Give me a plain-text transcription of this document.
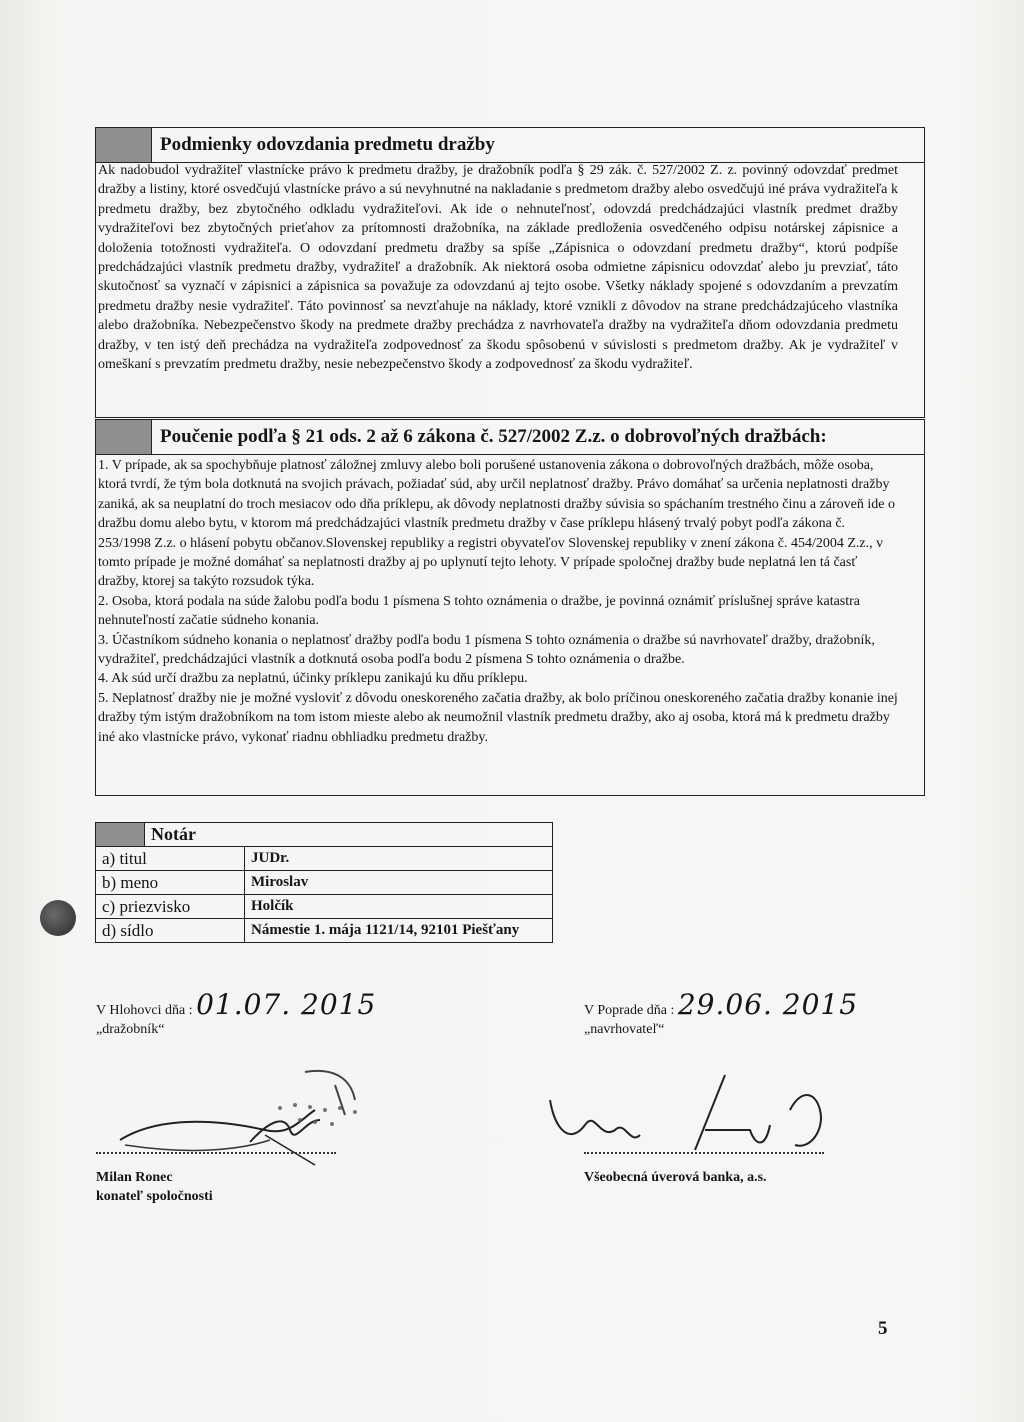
Podmienky odovzdania predmetu dražby

Ak nadobudol vydražiteľ vlastnícke právo k predmetu dražby, je dražobník podľa § 29 zák. č. 527/2002 Z. z. povinný odovzdať predmet dražby a listiny, ktoré osvedčujú vlastnícke právo a sú nevyhnutné na nakladanie s predmetom dražby alebo osvedčujú iné práva vydražiteľa k predmetu dražby, bez zbytočného odkladu vydražiteľovi. Ak ide o nehnuteľnosť, odovzdá predchádzajúci vlastník predmet dražby vydražiteľovi bez zbytočných prieťahov za prítomnosti dražobníka, na základe predloženia osvedčeného odpisu notárskej zápisnice a doloženia totožnosti vydražiteľa. O odovzdaní predmetu dražby sa spíše „Zápisnica o odovzdaní predmetu dražby“, ktorú podpíše predchádzajúci vlastník predmetu dražby, vydražiteľ a dražobník. Ak niektorá osoba odmietne zápisnicu odovzdať alebo ju prevziať, táto skutočnosť sa vyznačí v zápisnici a zápisnica sa považuje za odovzdanú aj tejto osobe. Všetky náklady spojené s odovzdaním a prevzatím predmetu dražby nesie vydražiteľ. Táto povinnosť sa nevzťahuje na náklady, ktoré vznikli z dôvodov na strane predchádzajúceho vlastníka alebo dražobníka. Nebezpečenstvo škody na predmete dražby prechádza z navrhovateľa dražby na vydražiteľa dňom odovzdania predmetu dražby, v ten istý deň prechádza na vydražiteľa zodpovednosť za škodu spôsobenú v súvislosti s predmetom dražby. Ak je vydražiteľ v omeškaní s prevzatím predmetu dražby, nesie nebezpečenstvo škody a zodpovednosť za škodu vydražiteľ.

Poučenie podľa § 21 ods. 2 až 6 zákona č. 527/2002 Z.z. o dobrovoľných dražbách:

1. V prípade, ak sa spochybňuje platnosť záložnej zmluvy alebo boli porušené ustanovenia zákona o dobrovoľných dražbách, môže osoba, ktorá tvrdí, že tým bola dotknutá na svojich právach, požiadať súd, aby určil neplatnosť dražby. Právo domáhať sa určenia neplatnosti dražby zaniká, ak sa neuplatní do troch mesiacov odo dňa príklepu, ak dôvody neplatnosti dražby súvisia so spáchaním trestného činu a zároveň ide o dražbu domu alebo bytu, v ktorom má predchádzajúci vlastník predmetu dražby v čase príklepu hlásený trvalý pobyt podľa zákona č. 253/1998 Z.z. o hlásení pobytu občanov.Slovenskej republiky a registri obyvateľov Slovenskej republiky v znení zákona č. 454/2004 Z.z., v tomto prípade je možné domáhať sa neplatnosti dražby aj po uplynutí tejto lehoty. V prípade spoločnej dražby bude neplatná len tá časť dražby, ktorej sa takýto rozsudok týka.

2. Osoba, ktorá podala na súde žalobu podľa bodu 1 písmena S tohto oznámenia o dražbe, je povinná oznámiť príslušnej správe katastra nehnuteľností začatie súdneho konania.

3. Účastníkom súdneho konania o neplatnosť dražby podľa bodu 1 písmena S tohto oznámenia o dražbe sú navrhovateľ dražby, dražobník, vydražiteľ, predchádzajúci vlastník a dotknutá osoba podľa bodu 2 písmena S tohto oznámenia o dražbe.

4. Ak súd určí dražbu za neplatnú, účinky príklepu zanikajú ku dňu príklepu.

5. Neplatnosť dražby nie je možné vysloviť z dôvodu oneskoreného začatia dražby, ak bolo príčinou oneskoreného začatia dražby konanie inej dražby tým istým dražobníkom na tom istom mieste alebo ak neumožnil vlastník predmetu dražby, ako aj osoba, ktorá má k predmetu dražby iné ako vlastnícke právo, vykonať riadnu obhliadku predmetu dražby.

	Notár	
a) titul		JUDr.
b) meno		Miroslav
c) priezvisko		Holčík
d) sídlo		Námestie 1. mája 1121/14, 92101 Piešťany
V Hlohovci dňa : 01.07. 2015
„dražobník“
Milan Ronec
konateľ spoločnosti
V Poprade dňa : 29.06. 2015
„navrhovateľ“
Všeobecná úverová banka, a.s.
5
